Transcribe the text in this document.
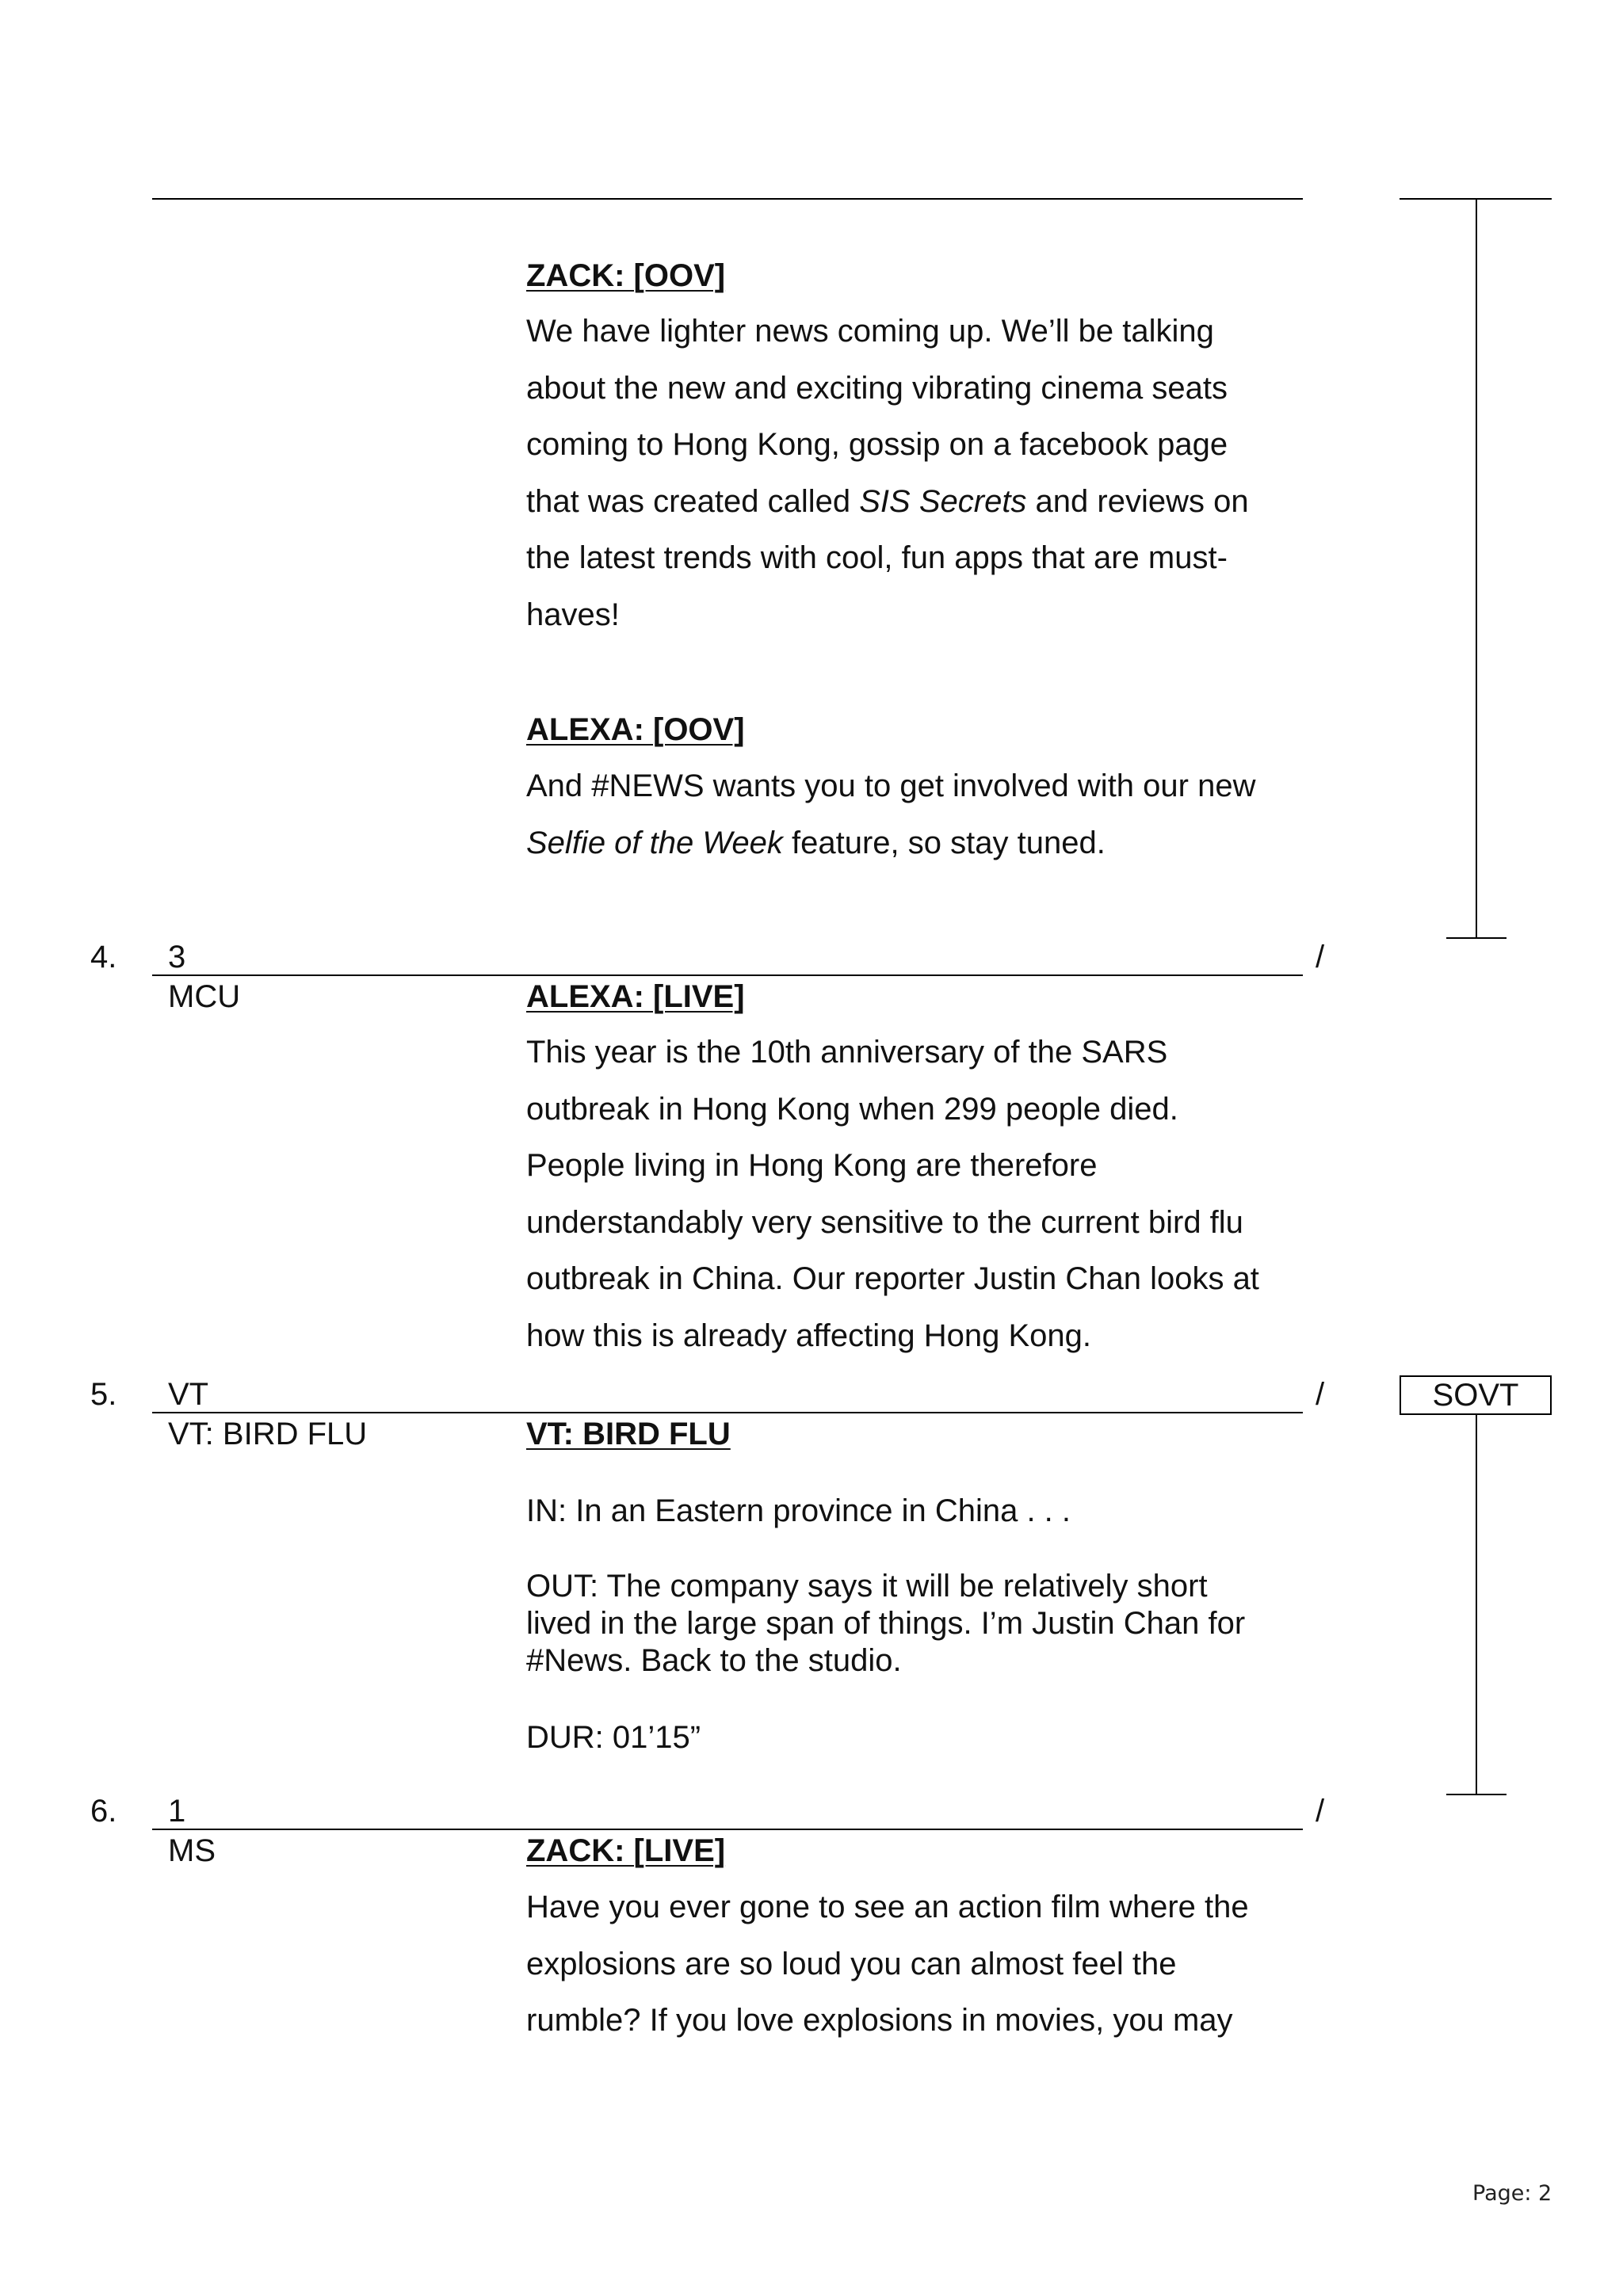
ZACK: [OOV]

We have lighter news coming up. We’ll be talking

about the new and exciting vibrating cinema seats

coming to Hong Kong, gossip on a facebook page

that was created called SIS Secrets and reviews on

the latest trends with cool, fun apps that are must-

haves!

ALEXA: [OOV]

And #NEWS wants you to get involved with our new

Selfie of the Week feature, so stay tuned.

4. 3	/
MCU	ALEXA: [LIVE]

This year is the 10th anniversary of the SARS

outbreak in Hong Kong when 299 people died.

People living in Hong Kong are therefore

understandably very sensitive to the current bird flu

outbreak in China. Our reporter Justin Chan looks at

how this is already affecting Hong Kong.

5. VT	/	SOVT
VT: BIRD FLU	VT: BIRD FLU
IN: In an Eastern province in China . . .

OUT: The company says it will be relatively short

lived in the large span of things. I’m Justin Chan for

#News. Back to the studio.

DUR: 01’15”
6. 1	/
MS	ZACK: [LIVE]

Have you ever gone to see an action film where the

explosions are so loud you can almost feel the

rumble? If you love explosions in movies, you may

Page: 2
